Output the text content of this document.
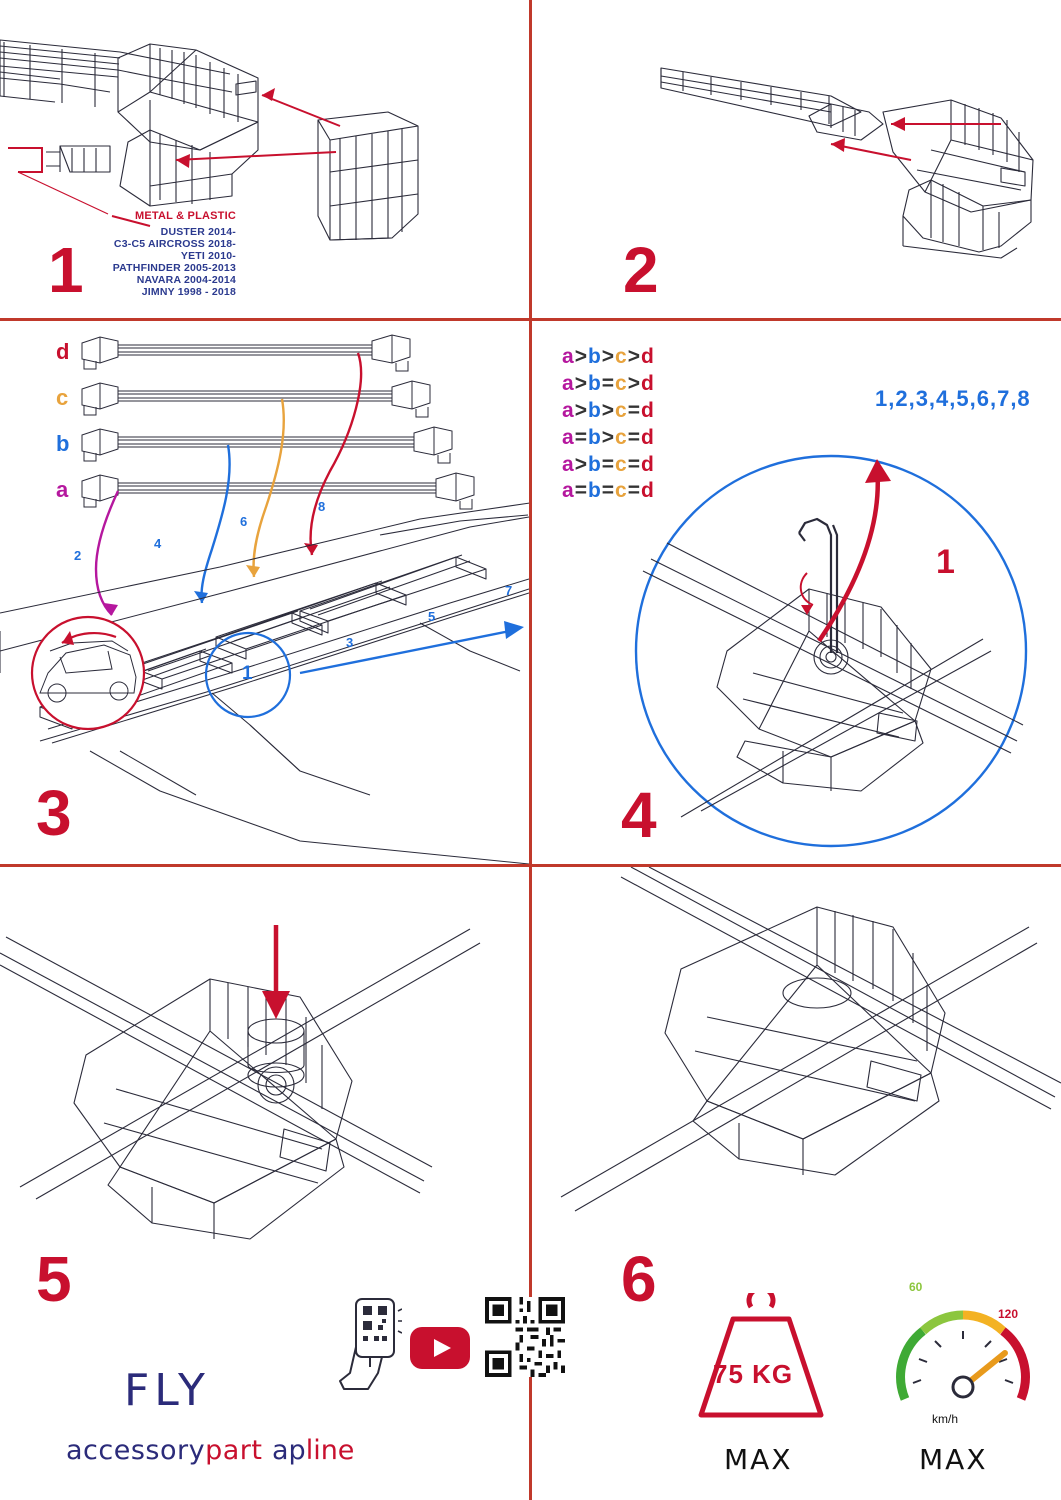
METAL & PLASTIC
DUSTER 2014-
C3-C5 AIRCROSS 2018-
YETI 2010-
PATHFINDER 2005-2013
NAVARA 2004-2014
JIMNY 1998 - 2018
1	2
d
c
b
a
2
4
6
8
7
5
3
1
3
a>b>c>d
a>b=c>d
a>b>c=d
a=b>c=d
a>b=c=d
a=b=c=d
1,2,3,4,5,6,7,8
1
4
5
FLY
accessorypart apline
6
75 KG
MAX
60
120
km/h
MAX
